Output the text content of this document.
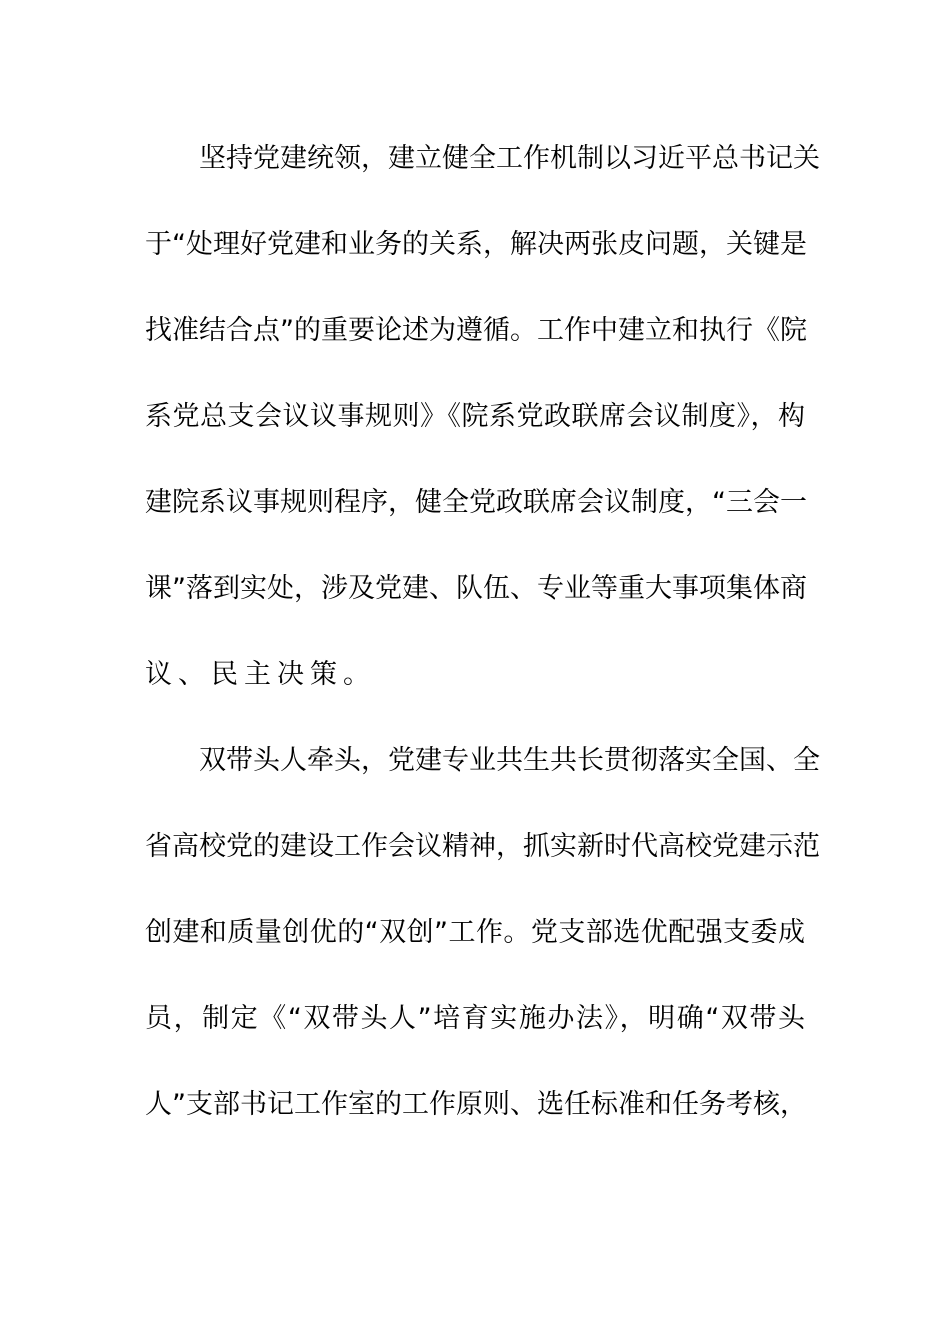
坚持党建统领，建立健全工作机制以习近平总书记关
于“处理好党建和业务的关系，解决两张皮问题，关键是
找准结合点”的重要论述为遵循。工作中建立和执行《院
系党总支会议议事规则》《院系党政联席会议制度》，构
建院系议事规则程序，健全党政联席会议制度，“三会一
课”落到实处，涉及党建、队伍、专业等重大事项集体商
议、民主决策。
双带头人牵头，党建专业共生共长贯彻落实全国、全
省高校党的建设工作会议精神，抓实新时代高校党建示范
创建和质量创优的“双创”工作。党支部选优配强支委成
员，制定《“双带头人”培育实施办法》，明确“双带头
人”支部书记工作室的工作原则、选任标准和任务考核，
